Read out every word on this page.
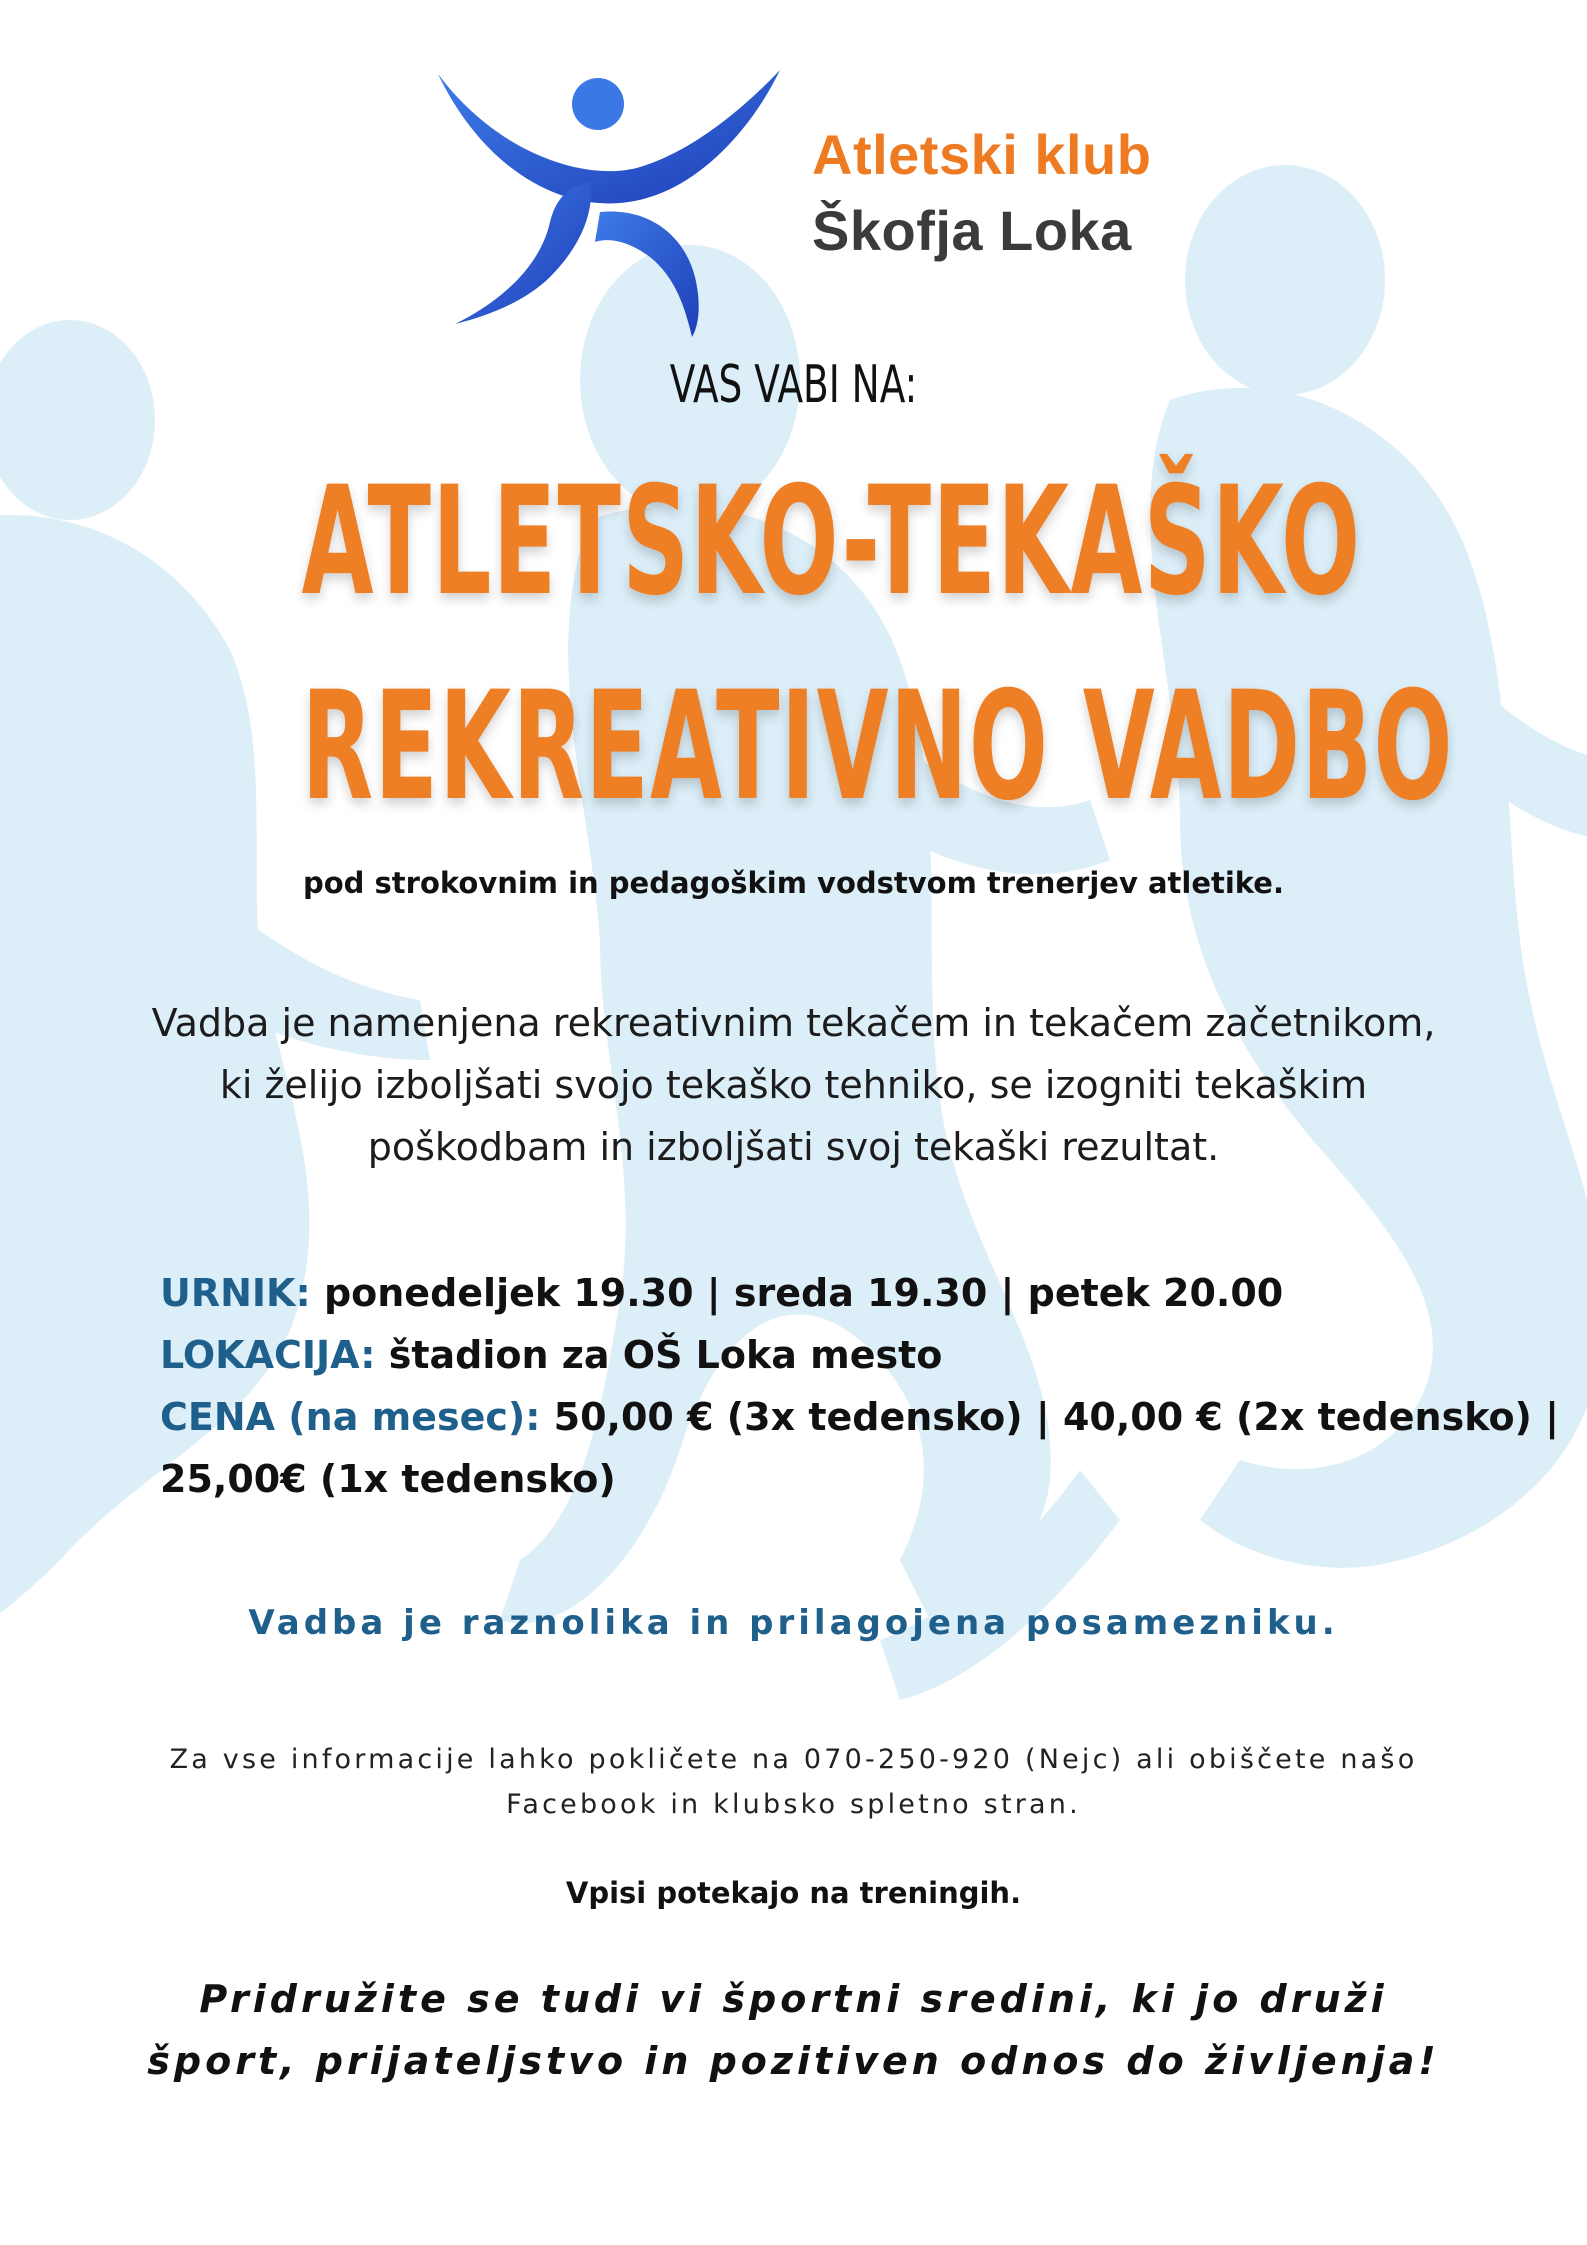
Atletski klub
Škofja Loka
VAS VABI NA:
ATLETSKO-TEKAŠKO
REKREATIVNO VADBO
pod strokovnim in pedagoškim vodstvom trenerjev atletike.
Vadba je namenjena rekreativnim tekačem in tekačem začetnikom, ki želijo izboljšati svojo tekaško tehniko, se izogniti tekaškim poškodbam in izboljšati svoj tekaški rezultat.
URNIK: ponedeljek 19.30 | sreda 19.30 | petek 20.00
LOKACIJA: štadion za OŠ Loka mesto
CENA (na mesec): 50,00 € (3x tedensko) | 40,00 € (2x tedensko) |
25,00€ (1x tedensko)
Vadba je raznolika in prilagojena posamezniku.
Za vse informacije lahko pokličete na 070-250-920 (Nejc) ali obiščete našo Facebook in klubsko spletno stran.
Vpisi potekajo na treningih.
Pridružite se tudi vi športni sredini, ki jo druži šport, prijateljstvo in pozitiven odnos do življenja!
